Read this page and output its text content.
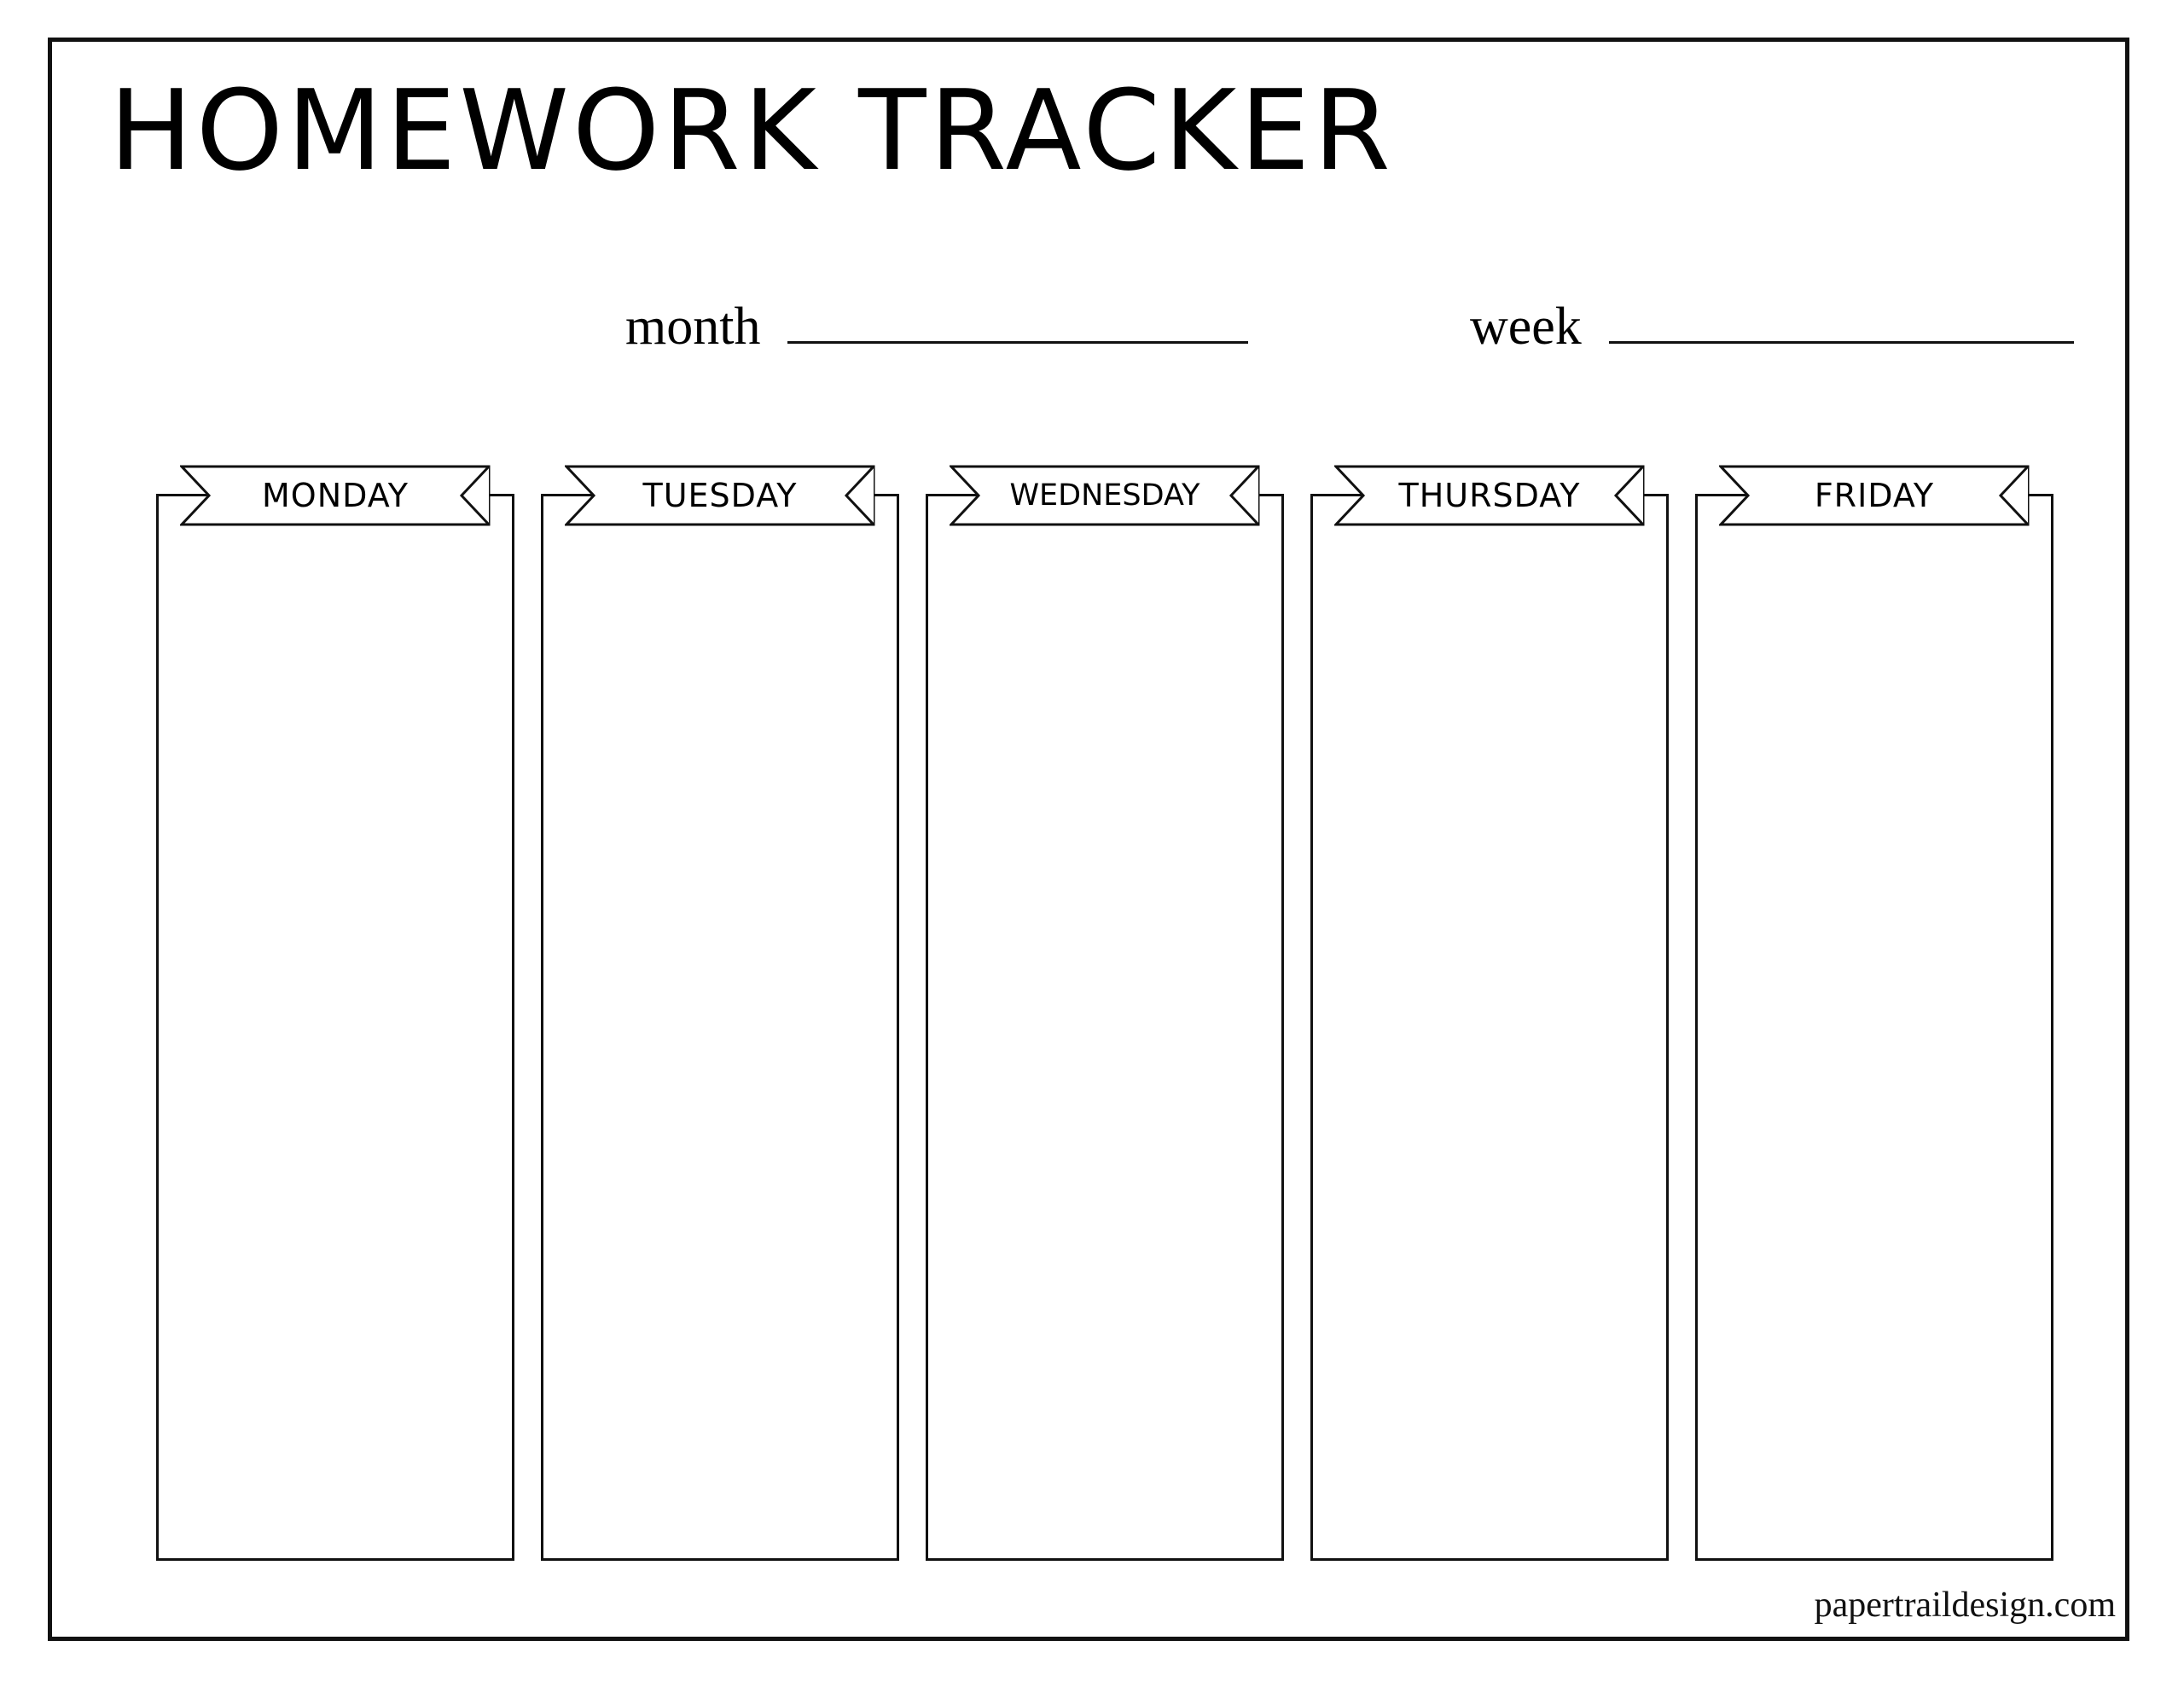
HOMEWORK TRACKER
month	week
MONDAY	TUESDAY	WEDNESDAY	THURSDAY	FRIDAY
papertraildesign.com
